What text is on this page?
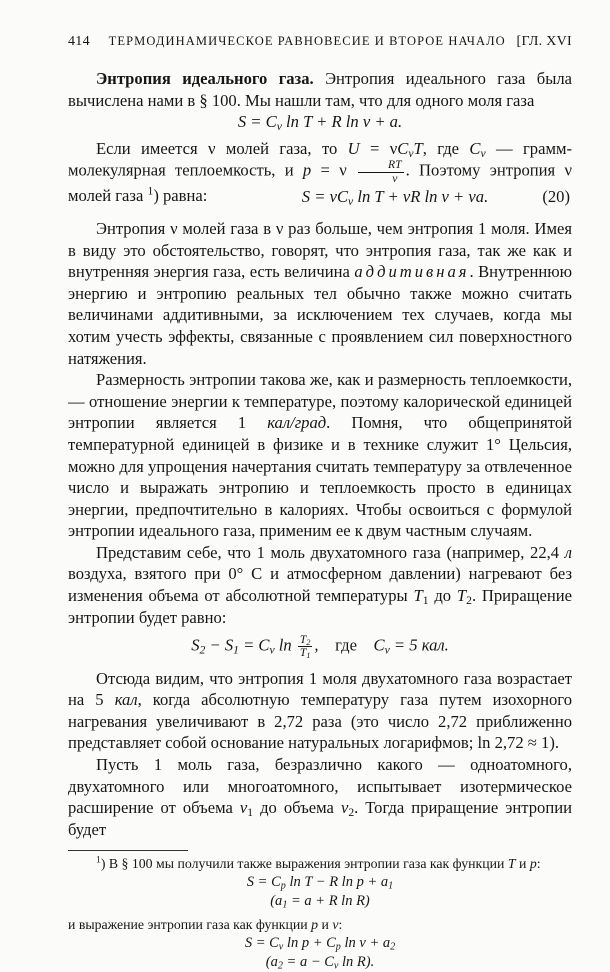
414 ТЕРМОДИНАМИЧЕСКОЕ РАВНОВЕСИЕ И ВТОРОЕ НАЧАЛО [ГЛ. XVI

Энтропия идеального газа. Энтропия идеального газа была вычислена нами в § 100. Мы нашли там, что для одного моля газа

$S = C_v$ ln T + R ln v + a.

Если имеется ν молей газа, то $U = \nu C_vT$, где $C_v$ — грамм-молекулярная теплоемкость, и p = ν $\frac{RT}{v}$ . Поэтому энтропия ν молей газа $^1$) равна:	$S = \nu C_v$ ln T + νR ln v + νa.	(20)

Энтропия ν молей газа в ν раз больше, чем энтропия 1 моля. Имея в виду это обстоятельство, говорят, что энтропия газа, так же как и внутренняя энергия газа, есть величина аддитивная. Внутреннюю энергию и энтропию реальных тел обычно также можно считать величинами аддитивными, за исключением тех случаев, когда мы хотим учесть эффекты, связанные с проявлением сил поверхностного натяжения.

Размерность энтропии такова же, как и размерность теплоемкости,— отношение энергии к температуре, поэтому калорической единицей энтропии является 1 кал/град. Помня, что общепринятой температурной единицей в физике и в технике служит 1° Цельсия, можно для упрощения начертания считать температуру за отвлеченное число и выражать энтропию и теплоемкость просто в единицах энергии, предпочтительно в калориях. Чтобы освоиться с формулой энтропии идеального газа, применим ее к двум частным случаям.

Представим себе, что 1 моль двухатомного газа (например, 22,4 л воздуха, взятого при 0° С и атмосферном давлении) нагревают без изменения объема от абсолютной температуры $T_1$ до $T_2$. Приращение энтропии будет равно:

$S_2 - S_1 = C_v$ $\ln \frac{T_2}{T_1}$ ,    где    $C_v = 5$ кал.

Отсюда видим, что энтропия 1 моля двухатомного газа возрастает на 5 кал, когда абсолютную температуру газа путем изохорного нагревания увеличивают в 2,72 раза (это число 2,72 приближенно представляет собой основание натуральных логарифмов; ln 2,72 ≈ 1).

Пусть 1 моль газа, безразлично какого — одноатомного, двухатомного или многоатомного, испытывает изотермическое расширение от объема $v_1$ до объема $v_2$. Тогда приращение энтропии будет

$^1$) В § 100 мы получили также выражения энтропии газа как функции T и p:

$S = C_p$ ln T − R $\ln p + a_1$
($a_1 = a + R$ ln R)

и выражение энтропии газа как функции p и v:

$S = C_v$ $\ln p + C_p$ $\ln v + a_2$
($a_2 = a - C_v$ ln R).
